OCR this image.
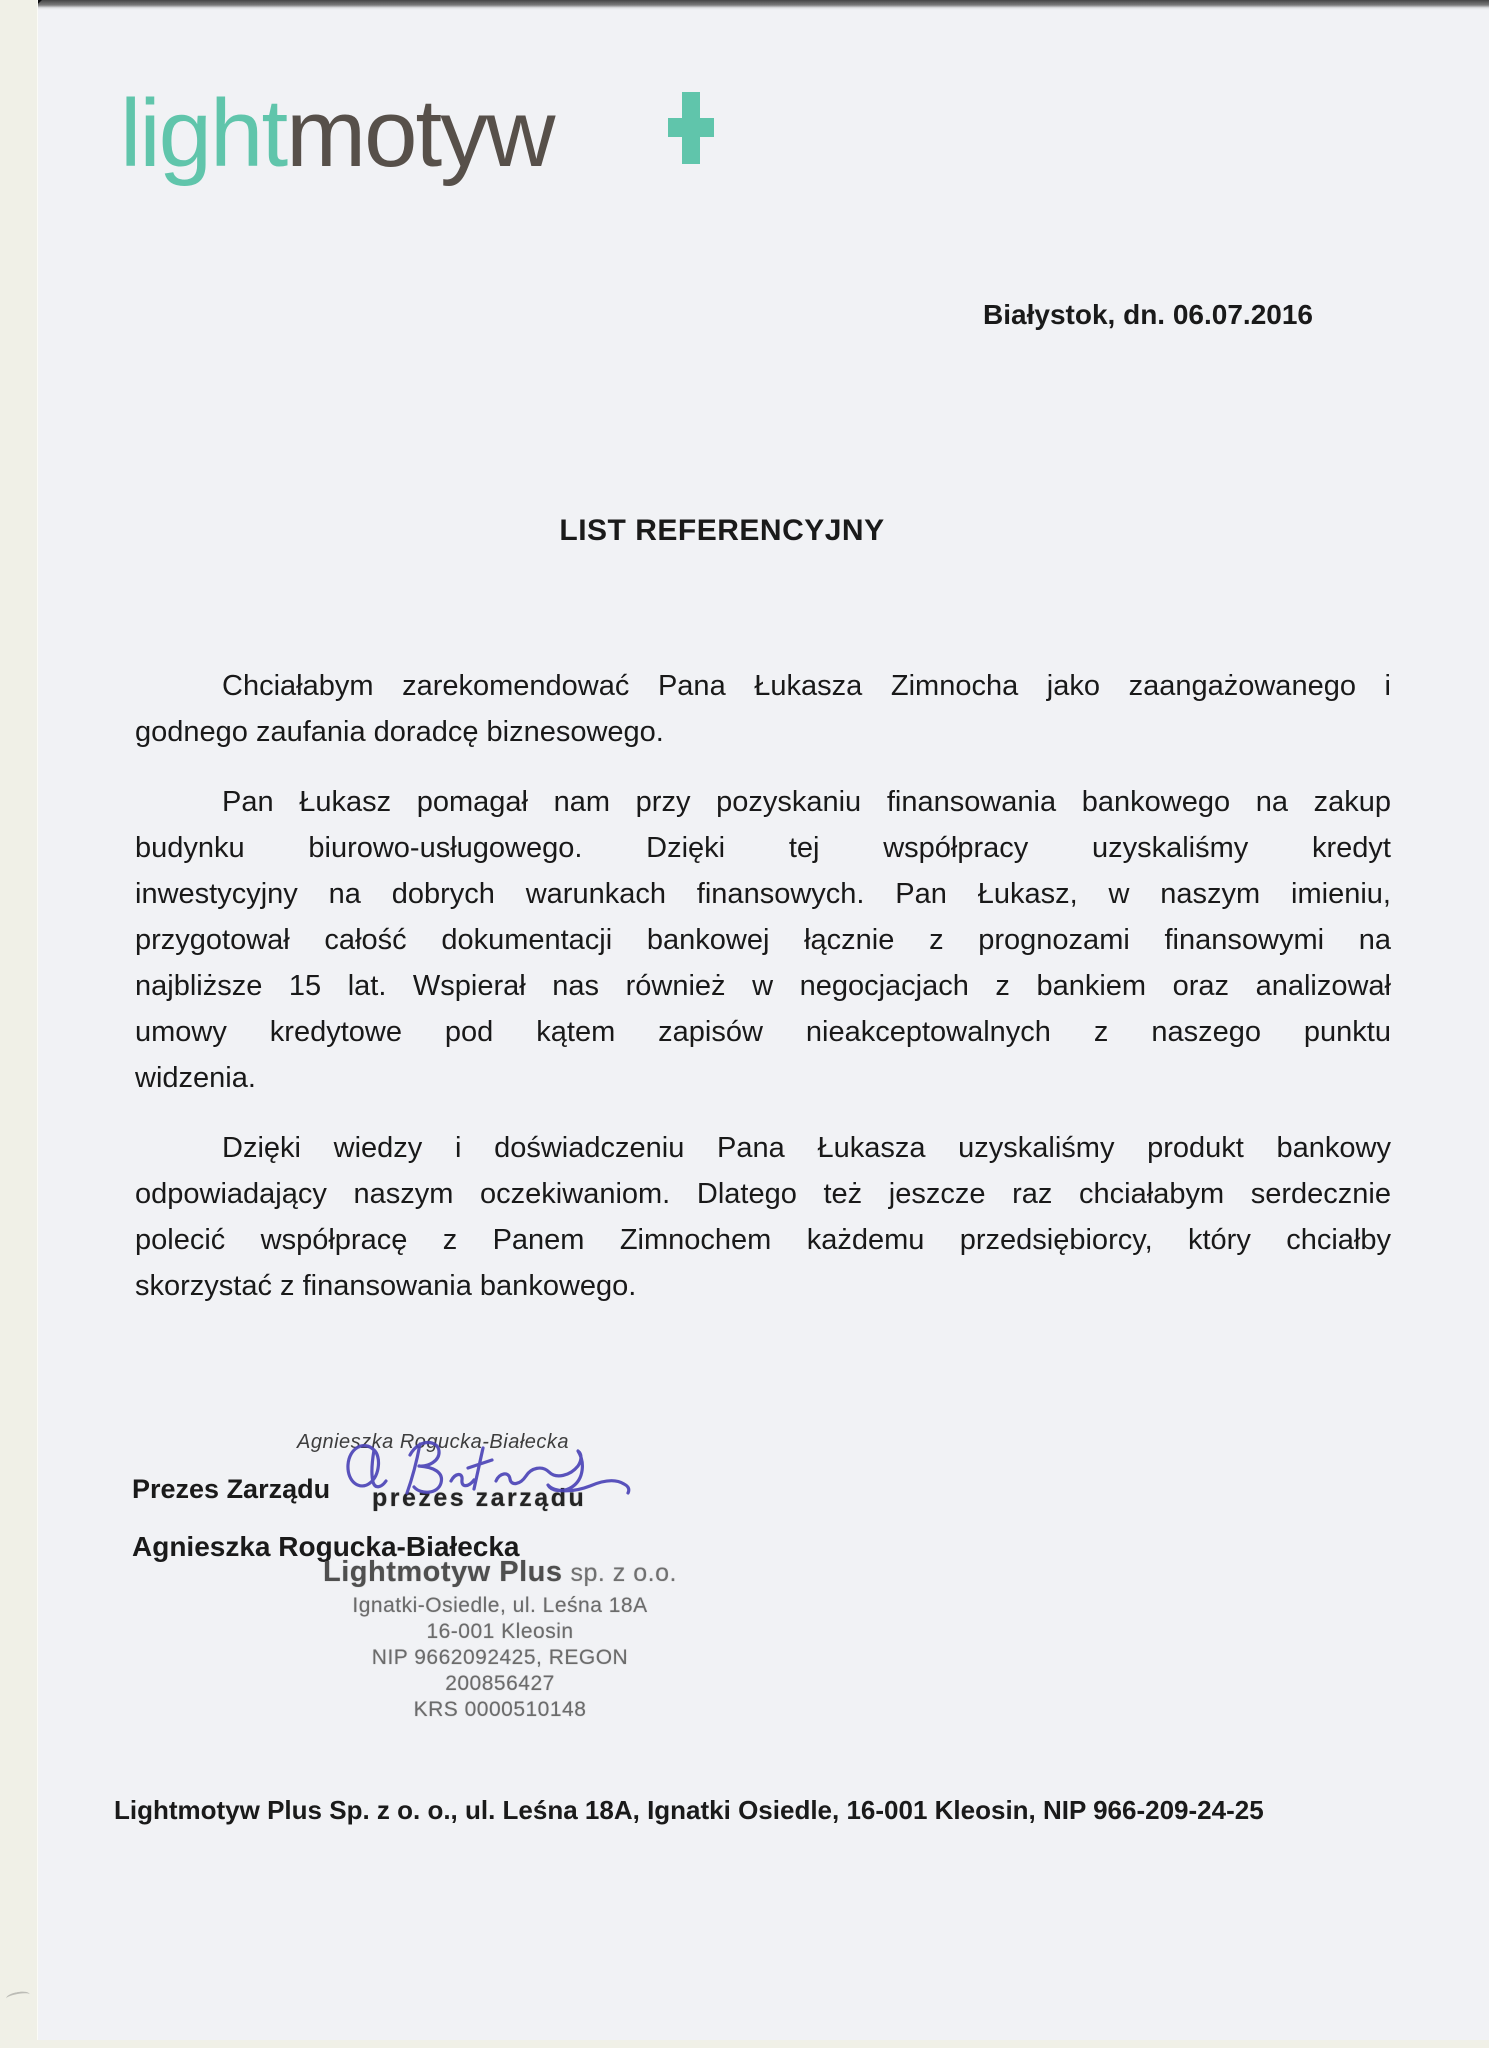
lightmotyw
Białystok, dn. 06.07.2016
LIST REFERENCYJNY

Chciałabym zarekomendować Pana Łukasza Zimnocha jako zaangażowanego i
godnego zaufania doradcę biznesowego.

Pan Łukasz pomagał nam przy pozyskaniu finansowania bankowego na zakup
budynku biurowo-usługowego. Dzięki tej współpracy uzyskaliśmy kredyt
inwestycyjny na dobrych warunkach finansowych. Pan Łukasz, w naszym imieniu,
przygotował całość dokumentacji bankowej łącznie z prognozami finansowymi na
najbliższe 15 lat. Wspierał nas również w negocjacjach z bankiem oraz analizował
umowy kredytowe pod kątem zapisów nieakceptowalnych z naszego punktu
widzenia.

Dzięki wiedzy i doświadczeniu Pana Łukasza uzyskaliśmy produkt bankowy
odpowiadający naszym oczekiwaniom. Dlatego też jeszcze raz chciałabym serdecznie
polecić współpracę z Panem Zimnochem każdemu przedsiębiorcy, który chciałby
skorzystać z finansowania bankowego.

Agnieszka Rogucka-Białecka
prezes zarządu
Prezes Zarządu
Agnieszka Rogucka-Białecka
Lightmotyw Plus sp. z o.o.
Ignatki-Osiedle, ul. Leśna 18A
16-001 Kleosin
NIP 9662092425, REGON 200856427
KRS 0000510148
Lightmotyw Plus Sp. z o. o., ul. Leśna 18A, Ignatki Osiedle, 16-001 Kleosin, NIP 966-209-24-25
